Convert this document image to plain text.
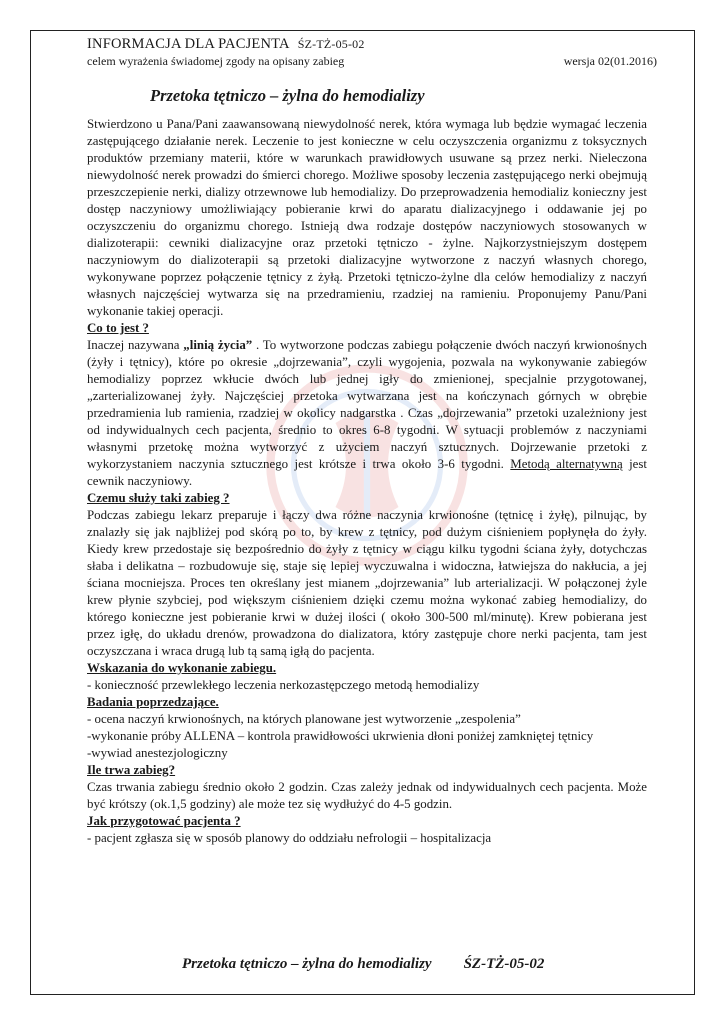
INFORMACJA DLA PACJENTA ŚZ-TŻ-05-02
celem wyrażenia świadomej zgody na opisany zabieg	wersja 02(01.2016)
Przetoka tętniczo – żylna do hemodializy

Stwierdzono u Pana/Pani zaawansowaną niewydolność nerek, która wymaga lub będzie wymagać leczenia zastępującego działanie nerek. Leczenie to jest konieczne w celu oczyszczenia organizmu z toksycznych produktów przemiany materii, które w warunkach prawidłowych usuwane są przez nerki. Nieleczona niewydolność nerek prowadzi do śmierci chorego. Możliwe sposoby leczenia zastępującego nerki obejmują przeszczepienie nerki, dializy otrzewnowe lub hemodializy. Do przeprowadzenia hemodializ konieczny jest dostęp naczyniowy umożliwiający pobieranie krwi do aparatu dializacyjnego i oddawanie jej po oczyszczeniu do organizmu chorego. Istnieją dwa rodzaje dostępów naczyniowych stosowanych w dializoterapii: cewniki dializacyjne oraz przetoki tętniczo - żylne. Najkorzystniejszym dostępem naczyniowym do dializoterapii są przetoki dializacyjne wytworzone z naczyń własnych chorego, wykonywane poprzez połączenie tętnicy z żyłą. Przetoki tętniczo-żylne dla celów hemodializy z naczyń własnych najczęściej wytwarza się na przedramieniu, rzadziej na ramieniu. Proponujemy Panu/Pani wykonanie takiej operacji.

Co to jest ?

Inaczej nazywana „linią życia” . To wytworzone podczas zabiegu połączenie dwóch naczyń krwionośnych (żyły i tętnicy), które po okresie „dojrzewania”, czyli wygojenia, pozwala na wykonywanie zabiegów hemodializy poprzez wkłucie dwóch lub jednej igły do zmienionej, specjalnie przygotowanej, „zarterializowanej żyły. Najczęściej przetoka wytwarzana jest na kończynach górnych w obrębie przedramienia lub ramienia, rzadziej w okolicy nadgarstka . Czas „dojrzewania” przetoki uzależniony jest od indywidualnych cech pacjenta, średnio to okres 6-8 tygodni. W sytuacji problemów z naczyniami własnymi przetokę można wytworzyć z użyciem naczyń sztucznych. Dojrzewanie przetoki z wykorzystaniem naczynia sztucznego jest krótsze i trwa około 3-6 tygodni. Metodą alternatywną jest cewnik naczyniowy.

Czemu służy taki zabieg ?

Podczas zabiegu lekarz preparuje i łączy dwa różne naczynia krwionośne (tętnicę i żyłę), pilnując, by znalazły się jak najbliżej pod skórą po to, by krew z tętnicy, pod dużym ciśnieniem popłynęła do żyły. Kiedy krew przedostaje się bezpośrednio do żyły z tętnicy w ciągu kilku tygodni ściana żyły, dotychczas słaba i delikatna – rozbudowuje się, staje się lepiej wyczuwalna i widoczna, łatwiejsza do nakłucia, a jej ściana mocniejsza. Proces ten określany jest mianem „dojrzewania” lub arterializacji. W połączonej żyle krew płynie szybciej, pod większym ciśnieniem dzięki czemu można wykonać zabieg hemodializy, do którego konieczne jest pobieranie krwi w dużej ilości ( około 300-500 ml/minutę). Krew pobierana jest przez igłę, do układu drenów, prowadzona do dializatora, który zastępuje chore nerki pacjenta, tam jest oczyszczana i wraca drugą lub tą samą igłą do pacjenta.

Wskazania do wykonanie zabiegu.

- konieczność przewlekłego leczenia nerkozastępczego metodą hemodializy

Badania poprzedzające.

- ocena naczyń krwionośnych, na których planowane jest wytworzenie „zespolenia”

-wykonanie próby ALLENA – kontrola prawidłowości ukrwienia dłoni poniżej zamkniętej tętnicy

-wywiad anestezjologiczny

Ile trwa zabieg?

Czas trwania zabiegu średnio około 2 godzin. Czas zależy jednak od indywidualnych cech pacjenta. Może być krótszy (ok.1,5 godziny) ale może tez się wydłużyć do 4-5 godzin.

Jak przygotować pacjenta ?

- pacjent zgłasza się w sposób planowy do oddziału nefrologii – hospitalizacja

Przetoka tętniczo – żylna do hemodializy ŚZ-TŻ-05-02
